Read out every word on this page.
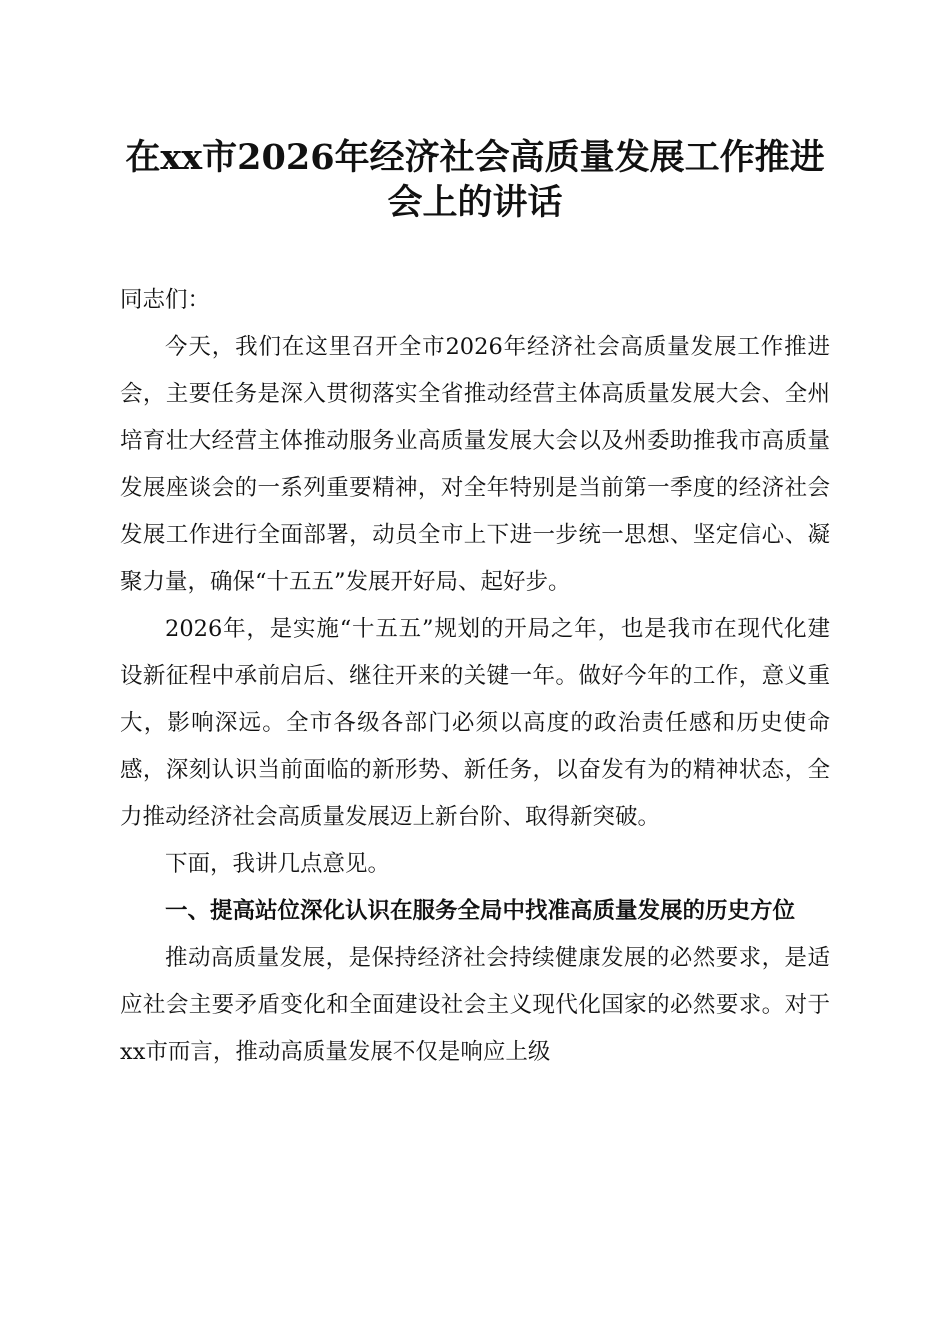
在xx市2026年经济社会高质量发展工作推进
会上的讲话

同志们：

今天，我们在这里召开全市2026年经济社会高质量发展工作推进会，主要任务是深入贯彻落实全省推动经营主体高质量发展大会、全州培育壮大经营主体推动服务业高质量发展大会以及州委助推我市高质量发展座谈会的一系列重要精神，对全年特别是当前第一季度的经济社会发展工作进行全面部署，动员全市上下进一步统一思想、坚定信心、凝聚力量，确保“十五五”发展开好局、起好步。

2026年，是实施“十五五”规划的开局之年，也是我市在现代化建设新征程中承前启后、继往开来的关键一年。做好今年的工作，意义重大，影响深远。全市各级各部门必须以高度的政治责任感和历史使命感，深刻认识当前面临的新形势、新任务，以奋发有为的精神状态，全力推动经济社会高质量发展迈上新台阶、取得新突破。

下面，我讲几点意见。

一、提高站位深化认识在服务全局中找准高质量发展的历史方位

推动高质量发展，是保持经济社会持续健康发展的必然要求，是适应社会主要矛盾变化和全面建设社会主义现代化国家的必然要求。对于xx市而言，推动高质量发展不仅是响应上级
